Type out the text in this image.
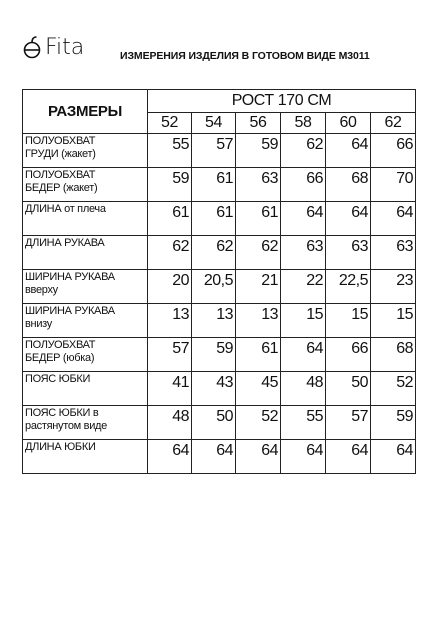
Fita	ИЗМЕРЕНИЯ ИЗДЕЛИЯ В ГОТОВОМ ВИДЕ М3011
РАЗМЕРЫ	РОСТ 170 СМ					
	52	54	56	58	60	62

ПОЛУОБХВАТ
ГРУДИ (жакет)	55	57	59	62	64	66

ПОЛУОБХВАТ
БЕДЕР (жакет)	59	61	63	66	68	70

ДЛИНА от плеча	61	61	61	64	64	64

ДЛИНА РУКАВА	62	62	62	63	63	63

ШИРИНА РУКАВА
вверху	20	20,5	21	22	22,5	23

ШИРИНА РУКАВА
внизу	13	13	13	15	15	15

ПОЛУОБХВАТ
БЕДЕР (юбка)	57	59	61	64	66	68

ПОЯС ЮБКИ	41	43	45	48	50	52

ПОЯС ЮБКИ в
растянутом виде	48	50	52	55	57	59

ДЛИНА ЮБКИ	64	64	64	64	64	64
